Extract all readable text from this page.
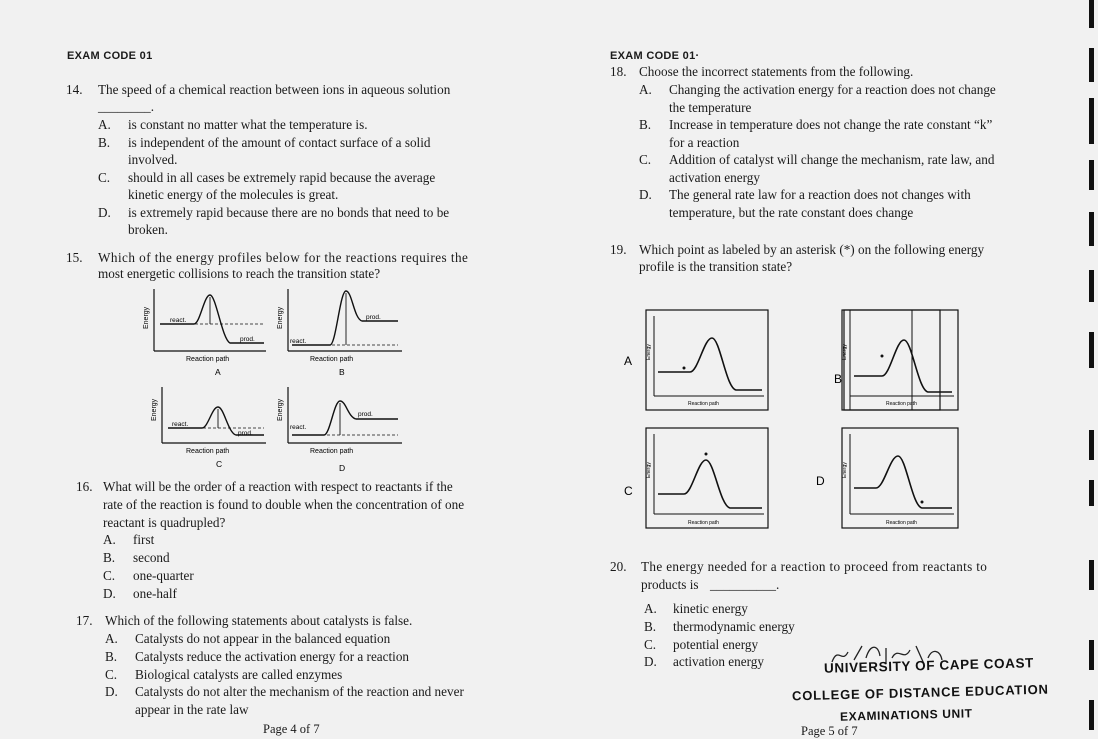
EXAM CODE 01
14. The speed of a chemical reaction between ions in aqueous solution
________.
A. is constant no matter what the temperature is.
B. is independent of the amount of contact surface of a solid
involved.
C. should in all cases be extremely rapid because the average
kinetic energy of the molecules is great.
D. is extremely rapid because there are no bonds that need to be
broken.
15. Which of the energy profiles below for the reactions requires the
most energetic collisions to reach the transition state?
Energy	react.
prod.
Reaction path
A
Energy
react.
prod.
Reaction path
B
Energy
react.
prod.
Reaction path
C
Energy
react.
prod.
Reaction path
D
16. What will be the order of a reaction with respect to reactants if the
rate of the reaction is found to double when the concentration of one
reactant is quadrupled?
A. first
B. second
C. one-quarter
D. one-half
17. Which of the following statements about catalysts is false.
A. Catalysts do not appear in the balanced equation
B. Catalysts reduce the activation energy for a reaction
C. Biological catalysts are called enzymes
D. Catalysts do not alter the mechanism of the reaction and never
appear in the rate law
Page 4 of 7
EXAM CODE 01·
18. Choose the incorrect statements from the following.
A. Changing the activation energy for a reaction does not change
the temperature
B. Increase in temperature does not change the rate constant “k”
for a reaction
C. Addition of catalyst will change the mechanism, rate law, and
activation energy
D. The general rate law for a reaction does not changes with
temperature, but the rate constant does change
19. Which point as labeled by an asterisk (*) on the following energy
profile is the transition state?
A
Energy
Reaction path
B
C
Energy
Reaction path
Energy
Reaction path
D
Energy
Reaction path
20. The energy needed for a reaction to proceed from reactants to
products is __________.
A. kinetic energy
B. thermodynamic energy
C. potential energy
D. activation energy	UNIVERSITY OF CAPE COAST
COLLEGE OF DISTANCE EDUCATION
EXAMINATIONS UNIT
Page 5 of 7
